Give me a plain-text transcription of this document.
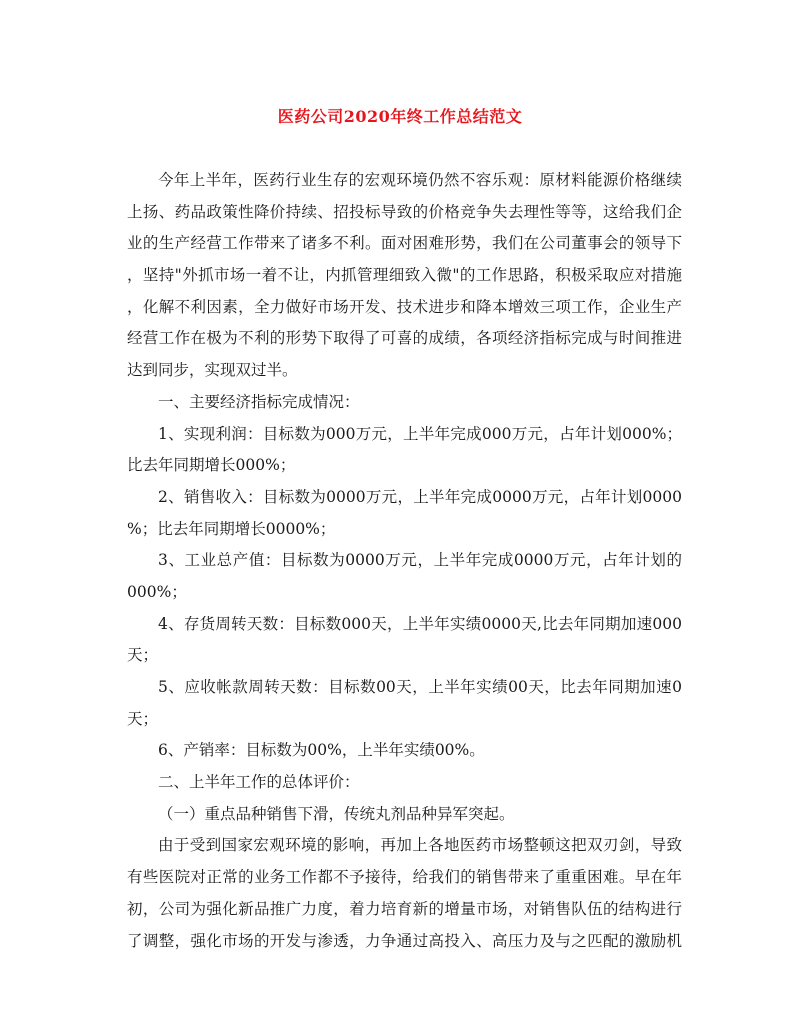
医药公司2020年终工作总结范文
今年上半年，医药行业生存的宏观环境仍然不容乐观：原材料能源价格继续
上扬、药品政策性降价持续、招投标导致的价格竞争失去理性等等，这给我们企
业的生产经营工作带来了诸多不利。面对困难形势，我们在公司董事会的领导下
，坚持"外抓市场一着不让，内抓管理细致入微"的工作思路，积极采取应对措施
，化解不利因素，全力做好市场开发、技术进步和降本增效三项工作，企业生产
经营工作在极为不利的形势下取得了可喜的成绩，各项经济指标完成与时间推进
达到同步，实现双过半。
一、主要经济指标完成情况：
1、实现利润：目标数为000万元，上半年完成000万元，占年计划000%；
比去年同期增长000%；
2、销售收入：目标数为0000万元，上半年完成0000万元，占年计划0000
%；比去年同期增长0000%；
3、工业总产值：目标数为0000万元，上半年完成0000万元，占年计划的
000%；
4、存货周转天数：目标数000天，上半年实绩0000天,比去年同期加速000
天；
5、应收帐款周转天数：目标数00天，上半年实绩00天，比去年同期加速0
天；
6、产销率：目标数为00%，上半年实绩00%。
二、上半年工作的总体评价：
（一）重点品种销售下滑，传统丸剂品种异军突起。
由于受到国家宏观环境的影响，再加上各地医药市场整顿这把双刃剑，导致
有些医院对正常的业务工作都不予接待，给我们的销售带来了重重困难。早在年
初，公司为强化新品推广力度，着力培育新的增量市场，对销售队伍的结构进行
了调整，强化市场的开发与渗透，力争通过高投入、高压力及与之匹配的激励机
